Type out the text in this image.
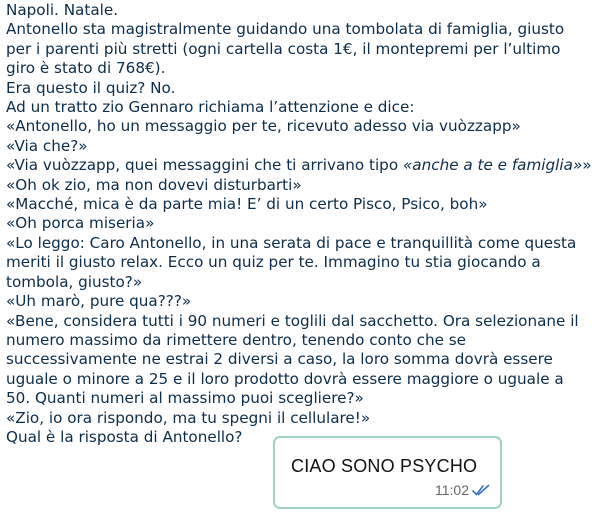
Napoli. Natale.

Antonello sta magistralmente guidando una tombolata di famiglia, giusto

per i parenti più stretti (ogni cartella costa 1€, il montepremi per l’ultimo

giro è stato di 768€).

Era questo il quiz? No.

Ad un tratto zio Gennaro richiama l’attenzione e dice:

«Antonello, ho un messaggio per te, ricevuto adesso via vuòzzapp»

«Via che?»

«Via vuòzzapp, quei messaggini che ti arrivano tipo «anche a te e famiglia»»

«Oh ok zio, ma non dovevi disturbarti»

«Macché, mica è da parte mia! E’ di un certo Pisco, Psico, boh»

«Oh porca miseria»

«Lo leggo: Caro Antonello, in una serata di pace e tranquillità come questa

meriti il giusto relax. Ecco un quiz per te. Immagino tu stia giocando a

tombola, giusto?»

«Uh marò, pure qua???»

«Bene, considera tutti i 90 numeri e toglili dal sacchetto. Ora selezionane il

numero massimo da rimettere dentro, tenendo conto che se

successivamente ne estrai 2 diversi a caso, la loro somma dovrà essere

uguale o minore a 25 e il loro prodotto dovrà essere maggiore o uguale a

50. Quanti numeri al massimo puoi scegliere?»

«Zio, io ora rispondo, ma tu spegni il cellulare!»

Qual è la risposta di Antonello?

CIAO SONO PSYCHO
11:02
